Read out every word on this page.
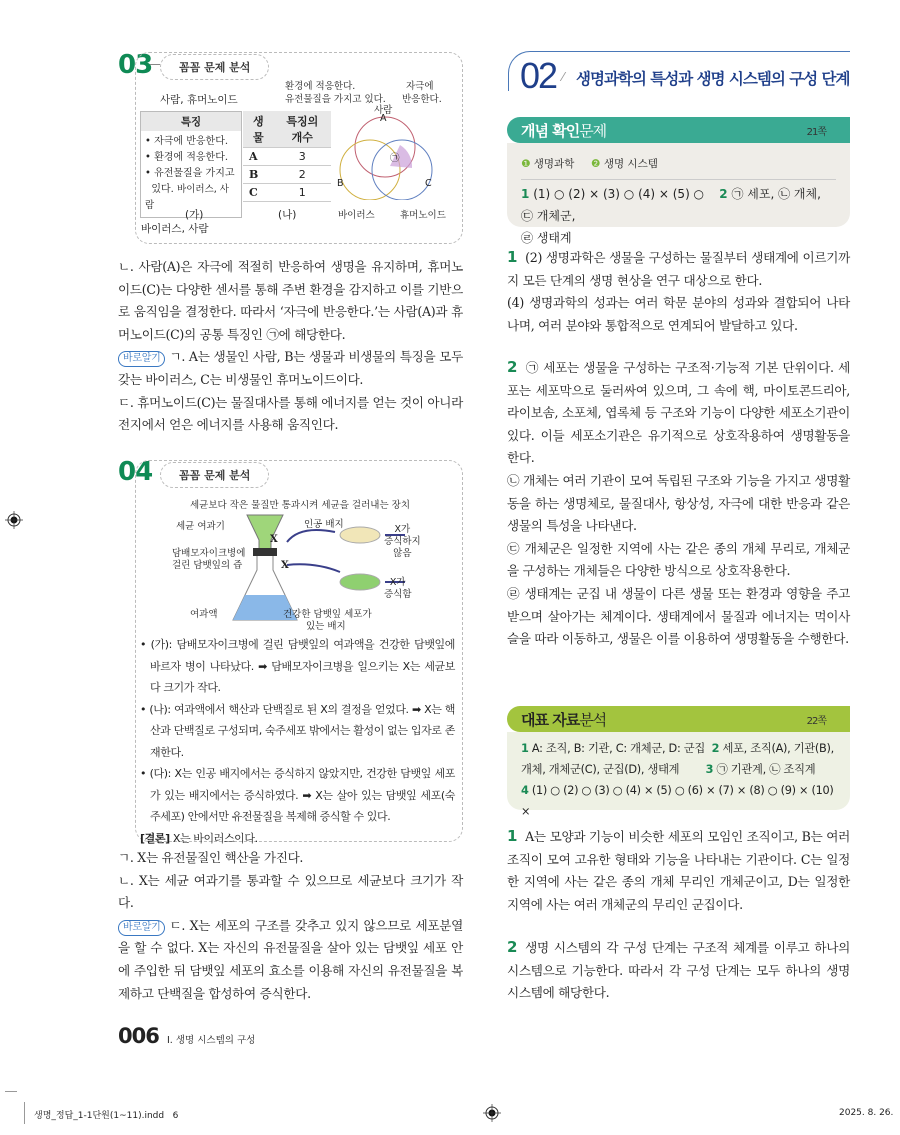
03	꼼꼼 문제 분석
사람, 휴머노이드
특징
• 자극에 반응한다.
• 환경에 적응한다.
• 유전물질을 가지고
있다. 바이러스, 사람
(가)
바이러스, 사람
생물	특징의 개수
A	3
B	2
C	1
(나)
환경에 적응한다.
유전물질을 가지고 있다.
자극에
반응한다.
사람
A
㉠
B	C
바이러스	휴머노이드

ㄴ. 사람(A)은 자극에 적절히 반응하여 생명을 유지하며, 휴머노이드(C)는 다양한 센서를 통해 주변 환경을 감지하고 이를 기반으로 움직임을 결정한다. 따라서 ‘자극에 반응한다.’는 사람(A)과 휴머노이드(C)의 공통 특징인 ㉠에 해당한다.

바로알기 ㄱ. A는 생물인 사람, B는 생물과 비생물의 특징을 모두 갖는 바이러스, C는 비생물인 휴머노이드이다.

ㄷ. 휴머노이드(C)는 물질대사를 통해 에너지를 얻는 것이 아니라 전지에서 얻은 에너지를 사용해 움직인다.

04	꼼꼼 문제 분석
세균보다 작은 물질만 통과시켜 세균을 걸러내는 장치
세균 여과기
담배모자이크병에
걸린 담뱃잎의 즙
여과액
X
X
인공 배지
건강한 담뱃잎 세포가
있는 배지
X가
증식하지
않음
X가
증식함
• (가): 담배모자이크병에 걸린 담뱃잎의 여과액을 건강한 담뱃잎에 바르자 병이 나타났다. ➡ 담배모자이크병을 일으키는 X는 세균보다 크기가 작다.
• (나): 여과액에서 핵산과 단백질로 된 X의 결정을 얻었다. ➡ X는 핵산과 단백질로 구성되며, 숙주세포 밖에서는 활성이 없는 입자로 존재한다.
• (다): X는 인공 배지에서는 증식하지 않았지만, 건강한 담뱃잎 세포가 있는 배지에서는 증식하였다. ➡ X는 살아 있는 담뱃잎 세포(숙주세포) 안에서만 유전물질을 복제해 증식할 수 있다.
[결론] X는 바이러스이다.

ㄱ. X는 유전물질인 핵산을 가진다.

ㄴ. X는 세균 여과기를 통과할 수 있으므로 세균보다 크기가 작다.

바로알기 ㄷ. X는 세포의 구조를 갖추고 있지 않으므로 세포분열을 할 수 없다. X는 자신의 유전물질을 살아 있는 담뱃잎 세포 안에 주입한 뒤 담뱃잎 세포의 효소를 이용해 자신의 유전물질을 복제하고 단백질을 합성하여 증식한다.

006 I. 생명 시스템의 구성
02 ⁄ 생명과학의 특성과 생명 시스템의 구성 단계
개념 확인문제	21쪽
❶ 생명과학 ❷ 생명 시스템
1 (1) ○ (2) × (3) ○ (4) × (5) ○ 2 ㉠ 세포, ㉡ 개체, ㉢ 개체군,
㉣ 생태계

1 (2) 생명과학은 생물을 구성하는 물질부터 생태계에 이르기까지 모든 단계의 생명 현상을 연구 대상으로 한다.

(4) 생명과학의 성과는 여러 학문 분야의 성과와 결합되어 나타나며, 여러 분야와 통합적으로 연계되어 발달하고 있다.

2 ㉠ 세포는 생물을 구성하는 구조적·기능적 기본 단위이다. 세포는 세포막으로 둘러싸여 있으며, 그 속에 핵, 마이토콘드리아, 라이보솜, 소포체, 엽록체 등 구조와 기능이 다양한 세포소기관이 있다. 이들 세포소기관은 유기적으로 상호작용하여 생명활동을 한다.

㉡ 개체는 여러 기관이 모여 독립된 구조와 기능을 가지고 생명활동을 하는 생명체로, 물질대사, 항상성, 자극에 대한 반응과 같은 생물의 특성을 나타낸다.

㉢ 개체군은 일정한 지역에 사는 같은 종의 개체 무리로, 개체군을 구성하는 개체들은 다양한 방식으로 상호작용한다.

㉣ 생태계는 군집 내 생물이 다른 생물 또는 환경과 영향을 주고받으며 살아가는 체계이다. 생태계에서 물질과 에너지는 먹이사슬을 따라 이동하고, 생물은 이를 이용하여 생명활동을 수행한다.

대표 자료분석	22쪽
1 A: 조직, B: 기관, C: 개체군, D: 군집 2 세포, 조직(A), 기관(B),
개체, 개체군(C), 군집(D), 생태계 3 ㉠ 기관계, ㉡ 조직계
4 (1) ○ (2) ○ (3) ○ (4) × (5) ○ (6) × (7) × (8) ○ (9) × (10) ×

1 A는 모양과 기능이 비슷한 세포의 모임인 조직이고, B는 여러 조직이 모여 고유한 형태와 기능을 나타내는 기관이다. C는 일정한 지역에 사는 같은 종의 개체 무리인 개체군이고, D는 일정한 지역에 사는 여러 개체군의 무리인 군집이다.

2 생명 시스템의 각 구성 단계는 구조적 체계를 이루고 하나의 시스템으로 기능한다. 따라서 각 구성 단계는 모두 하나의 생명 시스템에 해당한다.

생명_정답_1-1단원(1~11).indd   6	2025. 8. 26.
